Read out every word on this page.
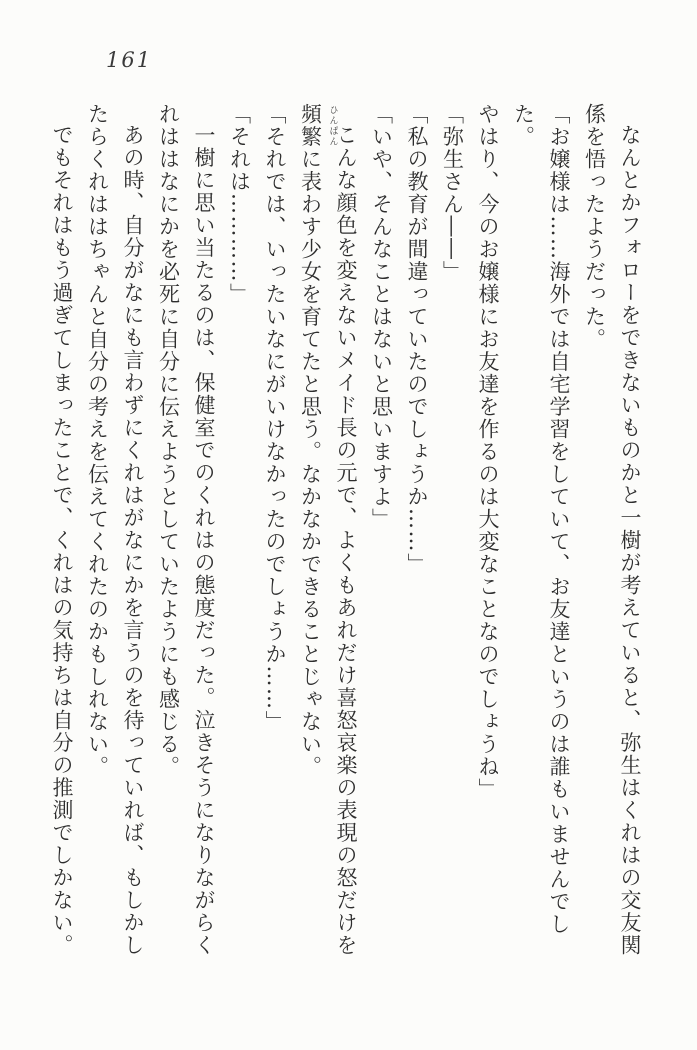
161

なんとかフォローをできないものかと一樹が考えていると、弥生はくれはの交友関

係を悟ったようだった。

「お嬢様は……海外では自宅学習をしていて、お友達というのは誰もいませんでした。

やはり、今のお嬢様にお友達を作るのは大変なことなのでしょうね」

「弥生さん――」

「私の教育が間違っていたのでしょうか……」

「いや、そんなことはないと思いますよ」

こんな顔色を変えないメイド長の元で、よくもあれだけ喜怒哀楽の表現の怒だけを

頻繁 ひんぱん
に表わす少女を育てたと思う。なかなかできることじゃない。

「それでは、いったいなにがいけなかったのでしょうか……」

「それは…………」

一樹に思い当たるのは、保健室でのくれはの態度だった。泣きそうになりながらく

れははなにかを必死に自分に伝えようとしていたようにも感じる。

あの時、自分がなにも言わずにくれはがなにかを言うのを待っていれば、もしかし

たらくれははちゃんと自分の考えを伝えてくれたのかもしれない。

でもそれはもう過ぎてしまったことで、くれはの気持ちは自分の推測でしかない。
